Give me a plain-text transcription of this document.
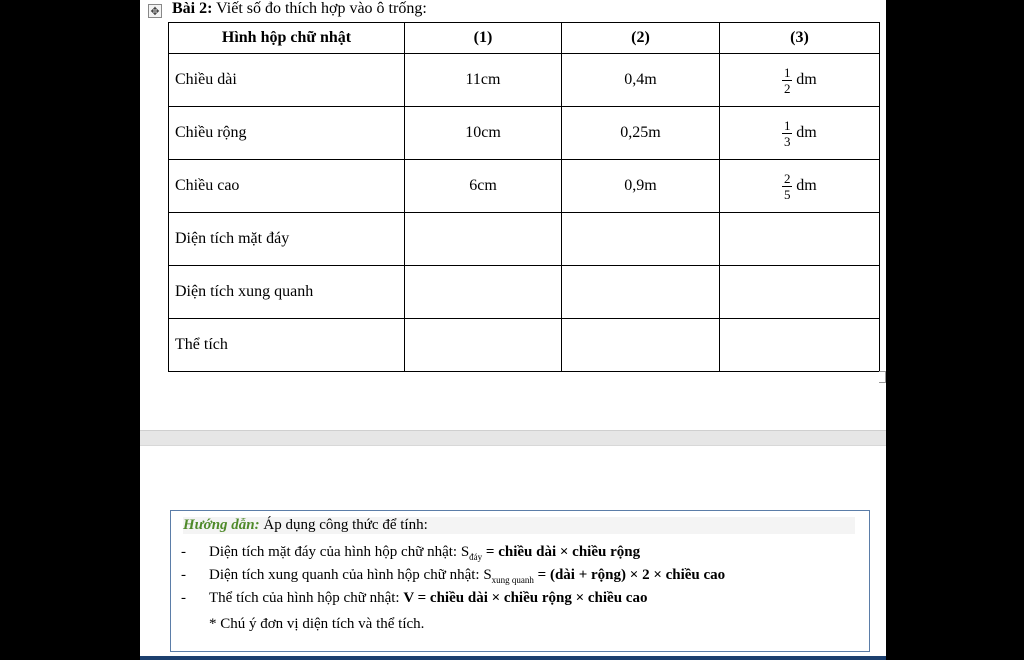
✥ Bài 2: Viết số đo thích hợp vào ô trống:
Hình hộp chữ nhật	(1)	(2)	(3)
Chiều dài	11cm	0,4m	$\frac{1}{2}$ dm
Chiều rộng	10cm	0,25m	$\frac{1}{3}$ dm
Chiều cao	6cm	0,9m	$\frac{2}{5}$ dm
Diện tích mặt đáy			
Diện tích xung quanh			
Thể tích			
Hướng dẫn: Áp dụng công thức để tính:
- Diện tích mặt đáy của hình hộp chữ nhật: $S_{đáy}$ = chiều dài × chiều rộng
- Diện tích xung quanh của hình hộp chữ nhật: $S_{xung quanh}$ = (dài + rộng) × 2 × chiều cao
- Thể tích của hình hộp chữ nhật: V = chiều dài × chiều rộng × chiều cao
* Chú ý đơn vị diện tích và thể tích.
